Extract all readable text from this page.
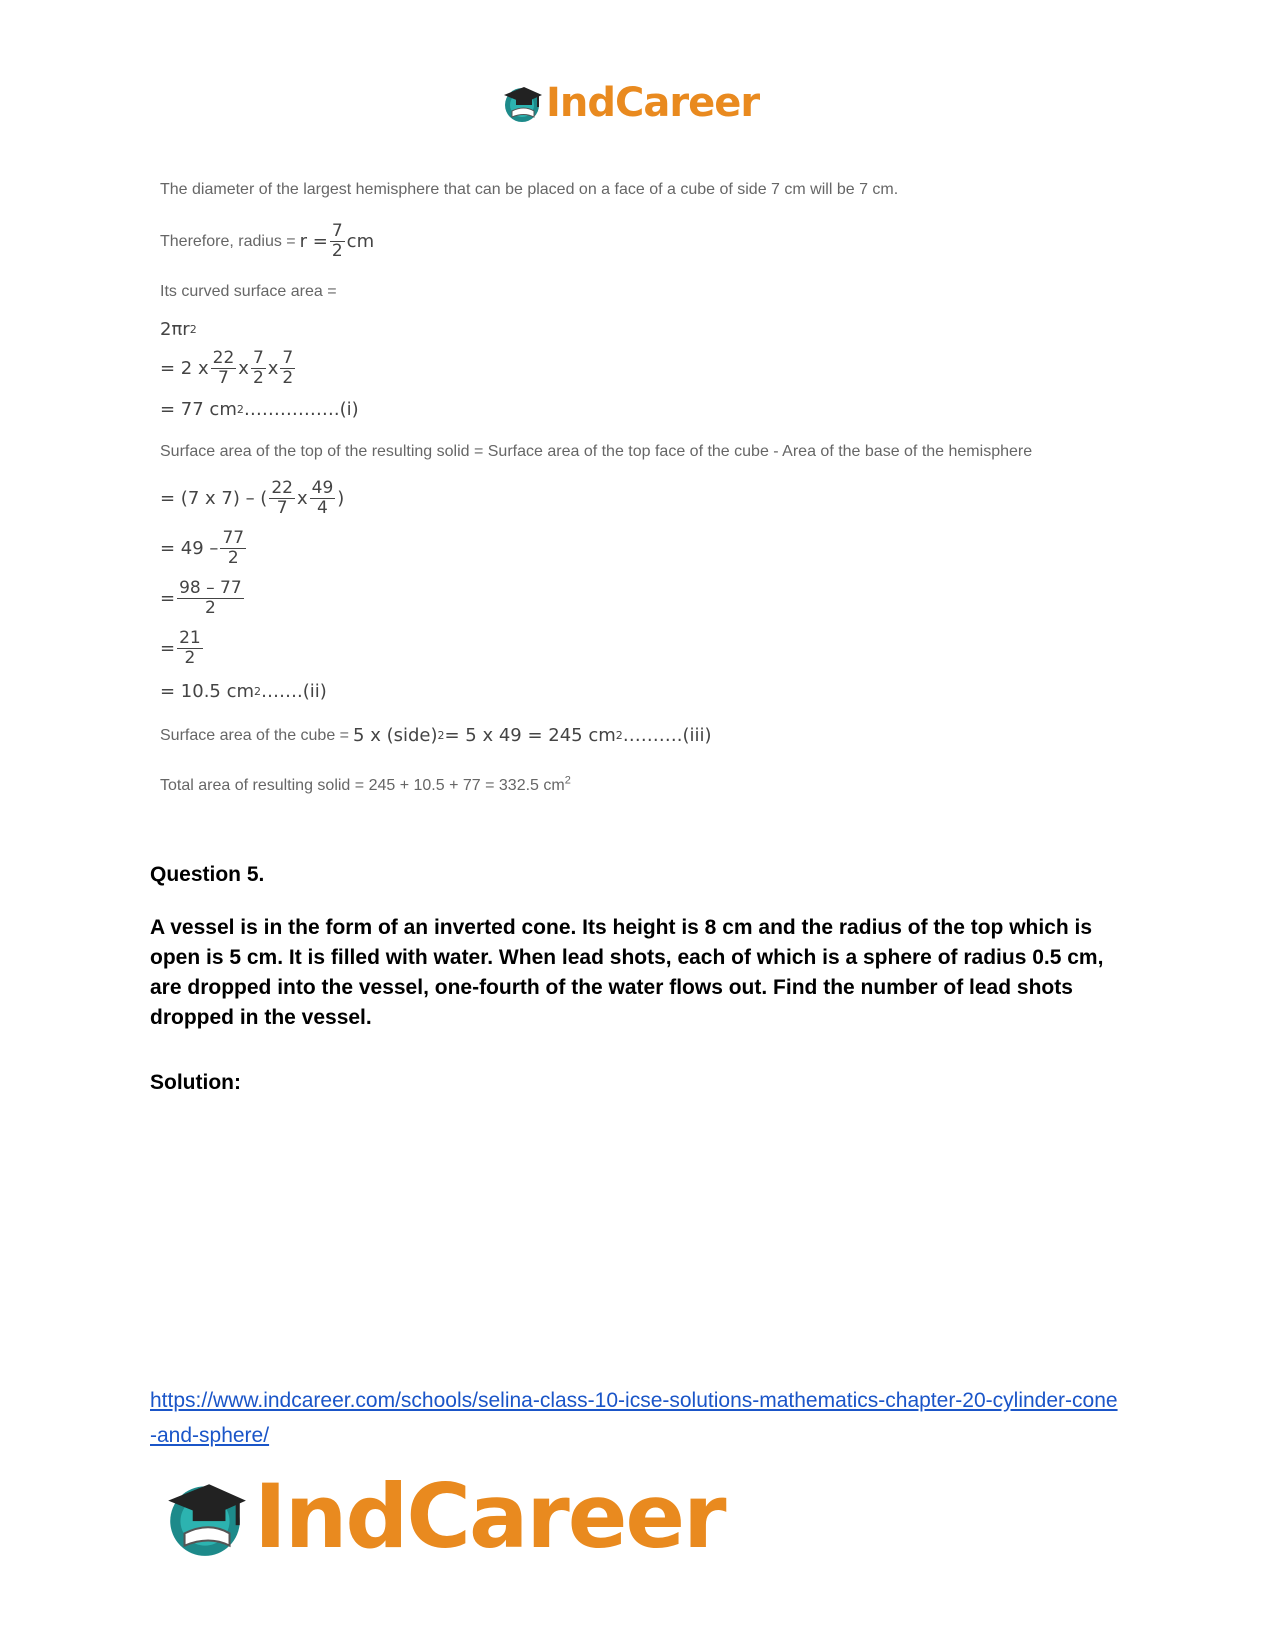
IndCareer
The diameter of the largest hemisphere that can be placed on a face of a cube of side 7 cm will be 7 cm.
Therefore, radius = $r = \frac{7}{2}$ cm
Its curved surface area =
2πr 2
= 2 x $\frac{22}{7}$ x $\frac{7}{2}$ x $\frac{7}{2}$
= 77 cm 2 …………….(i)
Surface area of the top of the resulting solid = Surface area of the top face of the cube - Area of the base of the hemisphere
= (7 x 7) – ( $\frac{22}{7}$ x $\frac{49}{4}$ )
= $49 - \frac{77}{2}$
= $\frac{98 - 77}{2}$
= $\frac{21}{2}$
= 10.5 cm 2 …….(ii)
Surface area of the cube = 5 x (side) 2 = 5 x 49 = 245 cm 2 ……….(iii)
Total area of resulting solid = 245 + 10.5 + 77 = 332.5 $cm^2$
Question 5.
A vessel is in the form of an inverted cone. Its height is 8 cm and the radius of the top which is open is 5 cm. It is filled with water. When lead shots, each of which is a sphere of radius 0.5 cm, are dropped into the vessel, one-fourth of the water flows out. Find the number of lead shots dropped in the vessel.
Solution:
https://www.indcareer.com/schools/selina-class-10-icse-solutions-mathematics-chapter-20-cylinder-cone-and-sphere/
IndCareer
